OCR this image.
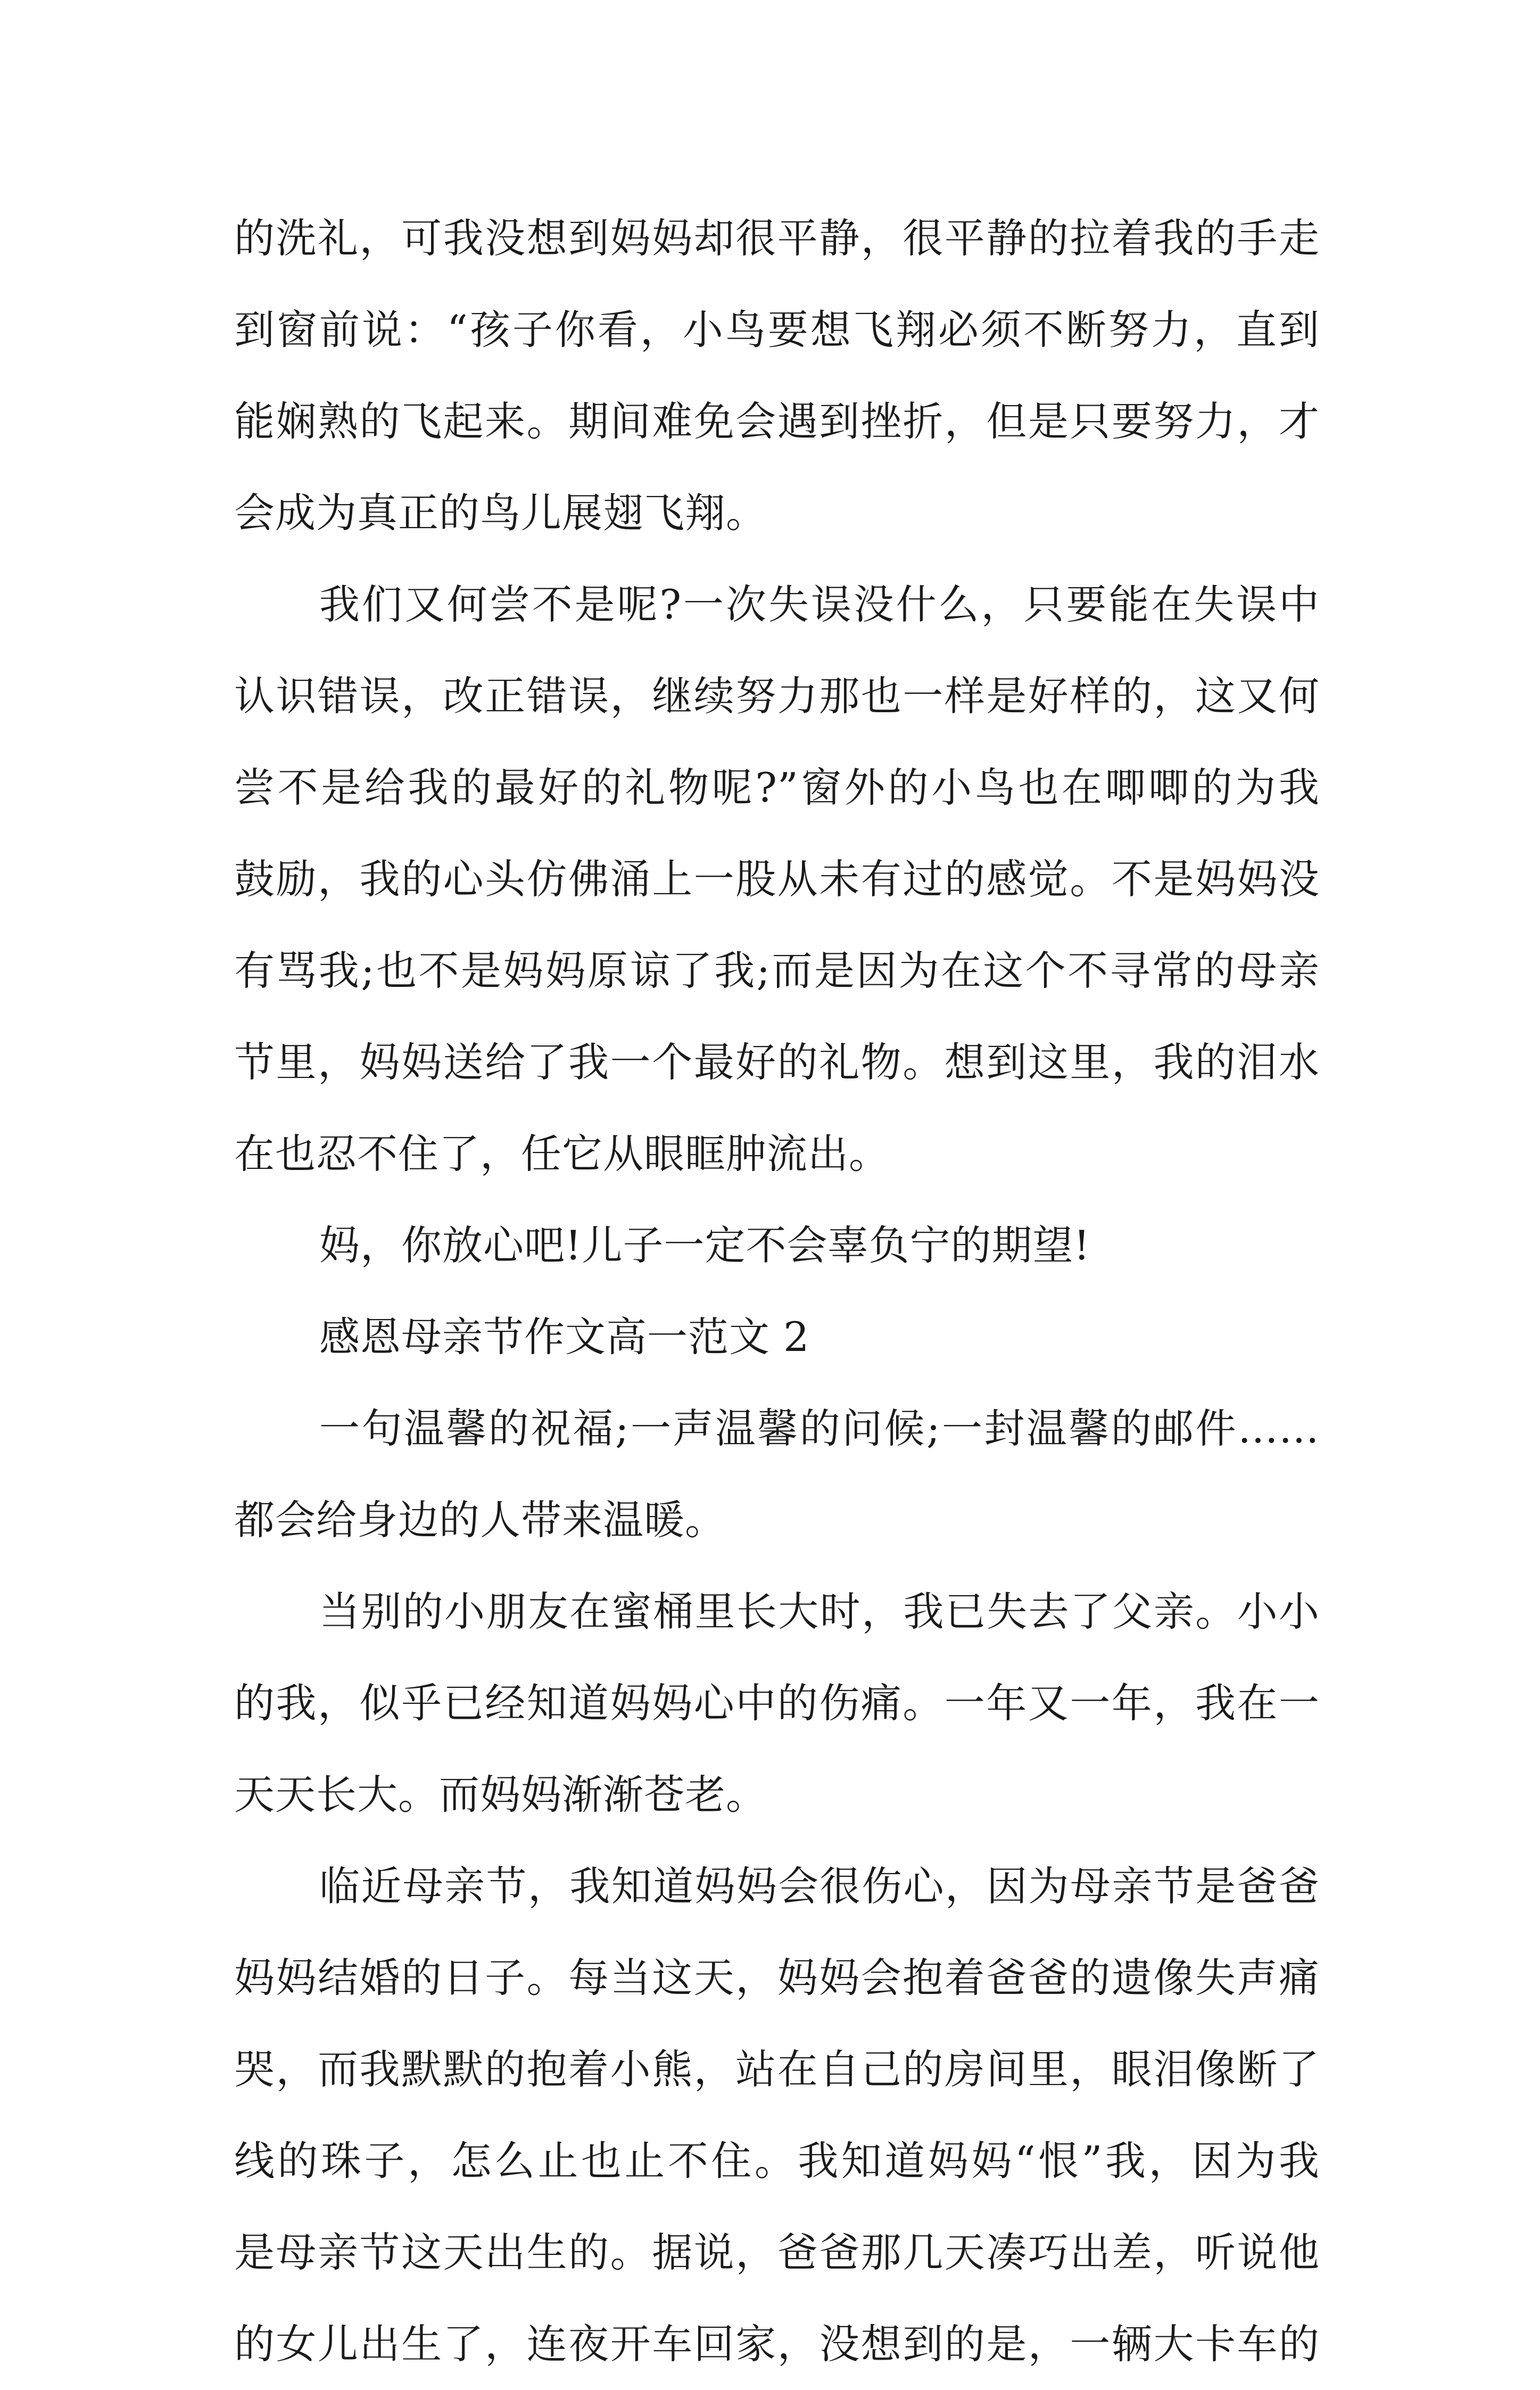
的洗礼，可我没想到妈妈却很平静，很平静的拉着我的手走
到窗前说：“孩子你看，小鸟要想飞翔必须不断努力，直到
能娴熟的飞起来。期间难免会遇到挫折，但是只要努力，才
会成为真正的鸟儿展翅飞翔。
我们又何尝不是呢?一次失误没什么，只要能在失误中
认识错误，改正错误，继续努力那也一样是好样的，这又何
尝不是给我的最好的礼物呢?”窗外的小鸟也在唧唧的为我
鼓励，我的心头仿佛涌上一股从未有过的感觉。不是妈妈没
有骂我;也不是妈妈原谅了我;而是因为在这个不寻常的母亲
节里，妈妈送给了我一个最好的礼物。想到这里，我的泪水
在也忍不住了，任它从眼眶肿流出。
妈，你放心吧!儿子一定不会辜负宁的期望!
感恩母亲节作文高一范文 2
一句温馨的祝福;一声温馨的问候;一封温馨的邮件……
都会给身边的人带来温暖。
当别的小朋友在蜜桶里长大时，我已失去了父亲。小小
的我，似乎已经知道妈妈心中的伤痛。一年又一年，我在一
天天长大。而妈妈渐渐苍老。
临近母亲节，我知道妈妈会很伤心，因为母亲节是爸爸
妈妈结婚的日子。每当这天，妈妈会抱着爸爸的遗像失声痛
哭，而我默默的抱着小熊，站在自己的房间里，眼泪像断了
线的珠子，怎么止也止不住。我知道妈妈“恨”我，因为我
是母亲节这天出生的。据说，爸爸那几天凑巧出差，听说他
的女儿出生了，连夜开车回家，没想到的是，一辆大卡车的
